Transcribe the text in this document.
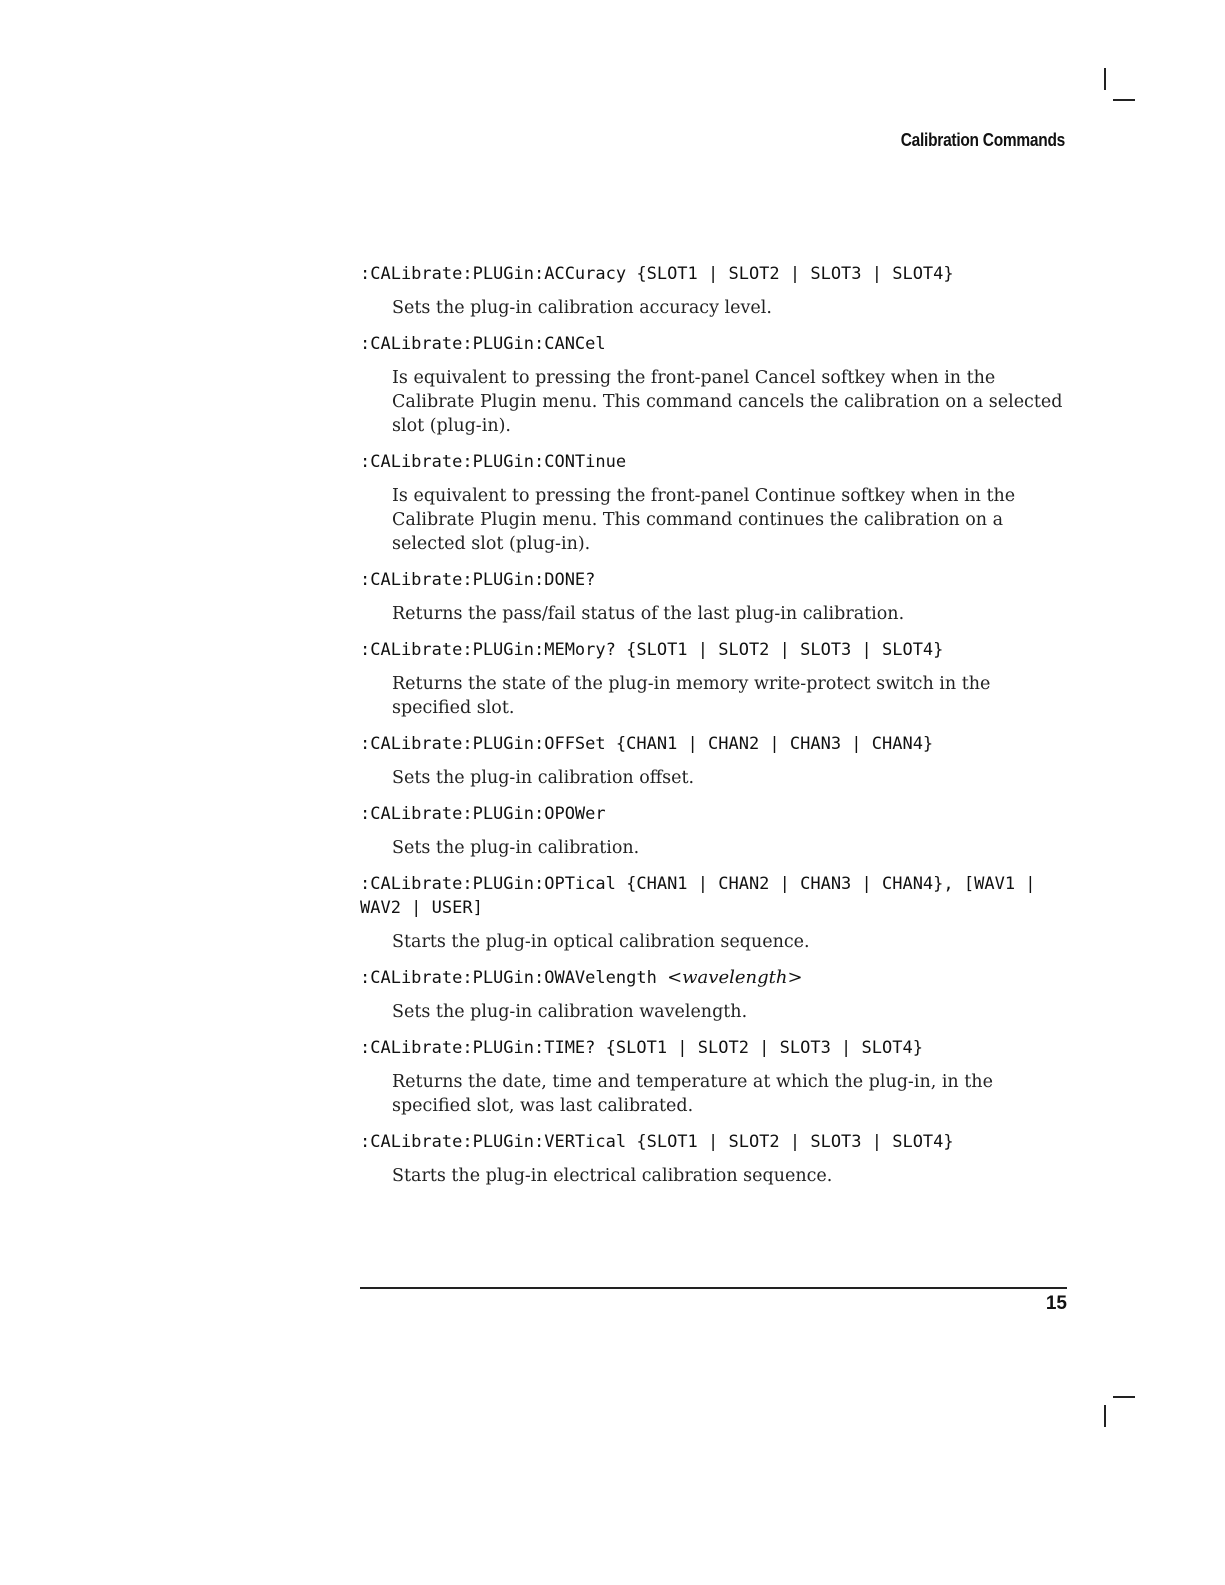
Calibration Commands

:CALibrate:PLUGin:ACCuracy {SLOT1 | SLOT2 | SLOT3 | SLOT4}

Sets the plug-in calibration accuracy level.

:CALibrate:PLUGin:CANCel

Is equivalent to pressing the front-panel Cancel softkey when in the Calibrate Plugin menu. This command cancels the calibration on a selected slot (plug-in).

:CALibrate:PLUGin:CONTinue

Is equivalent to pressing the front-panel Continue softkey when in the Calibrate Plugin menu. This command continues the calibration on a selected slot (plug-in).

:CALibrate:PLUGin:DONE?

Returns the pass/fail status of the last plug-in calibration.

:CALibrate:PLUGin:MEMory? {SLOT1 | SLOT2 | SLOT3 | SLOT4}

Returns the state of the plug-in memory write-protect switch in the specified slot.

:CALibrate:PLUGin:OFFSet {CHAN1 | CHAN2 | CHAN3 | CHAN4}

Sets the plug-in calibration offset.

:CALibrate:PLUGin:OPOWer

Sets the plug-in calibration.

:CALibrate:PLUGin:OPTical {CHAN1 | CHAN2 | CHAN3 | CHAN4}, [WAV1 | WAV2 | USER]

Starts the plug-in optical calibration sequence.

:CALibrate:PLUGin:OWAVelength <wavelength>

Sets the plug-in calibration wavelength.

:CALibrate:PLUGin:TIME? {SLOT1 | SLOT2 | SLOT3 | SLOT4}

Returns the date, time and temperature at which the plug-in, in the specified slot, was last calibrated.

:CALibrate:PLUGin:VERTical {SLOT1 | SLOT2 | SLOT3 | SLOT4}

Starts the plug-in electrical calibration sequence.

15
